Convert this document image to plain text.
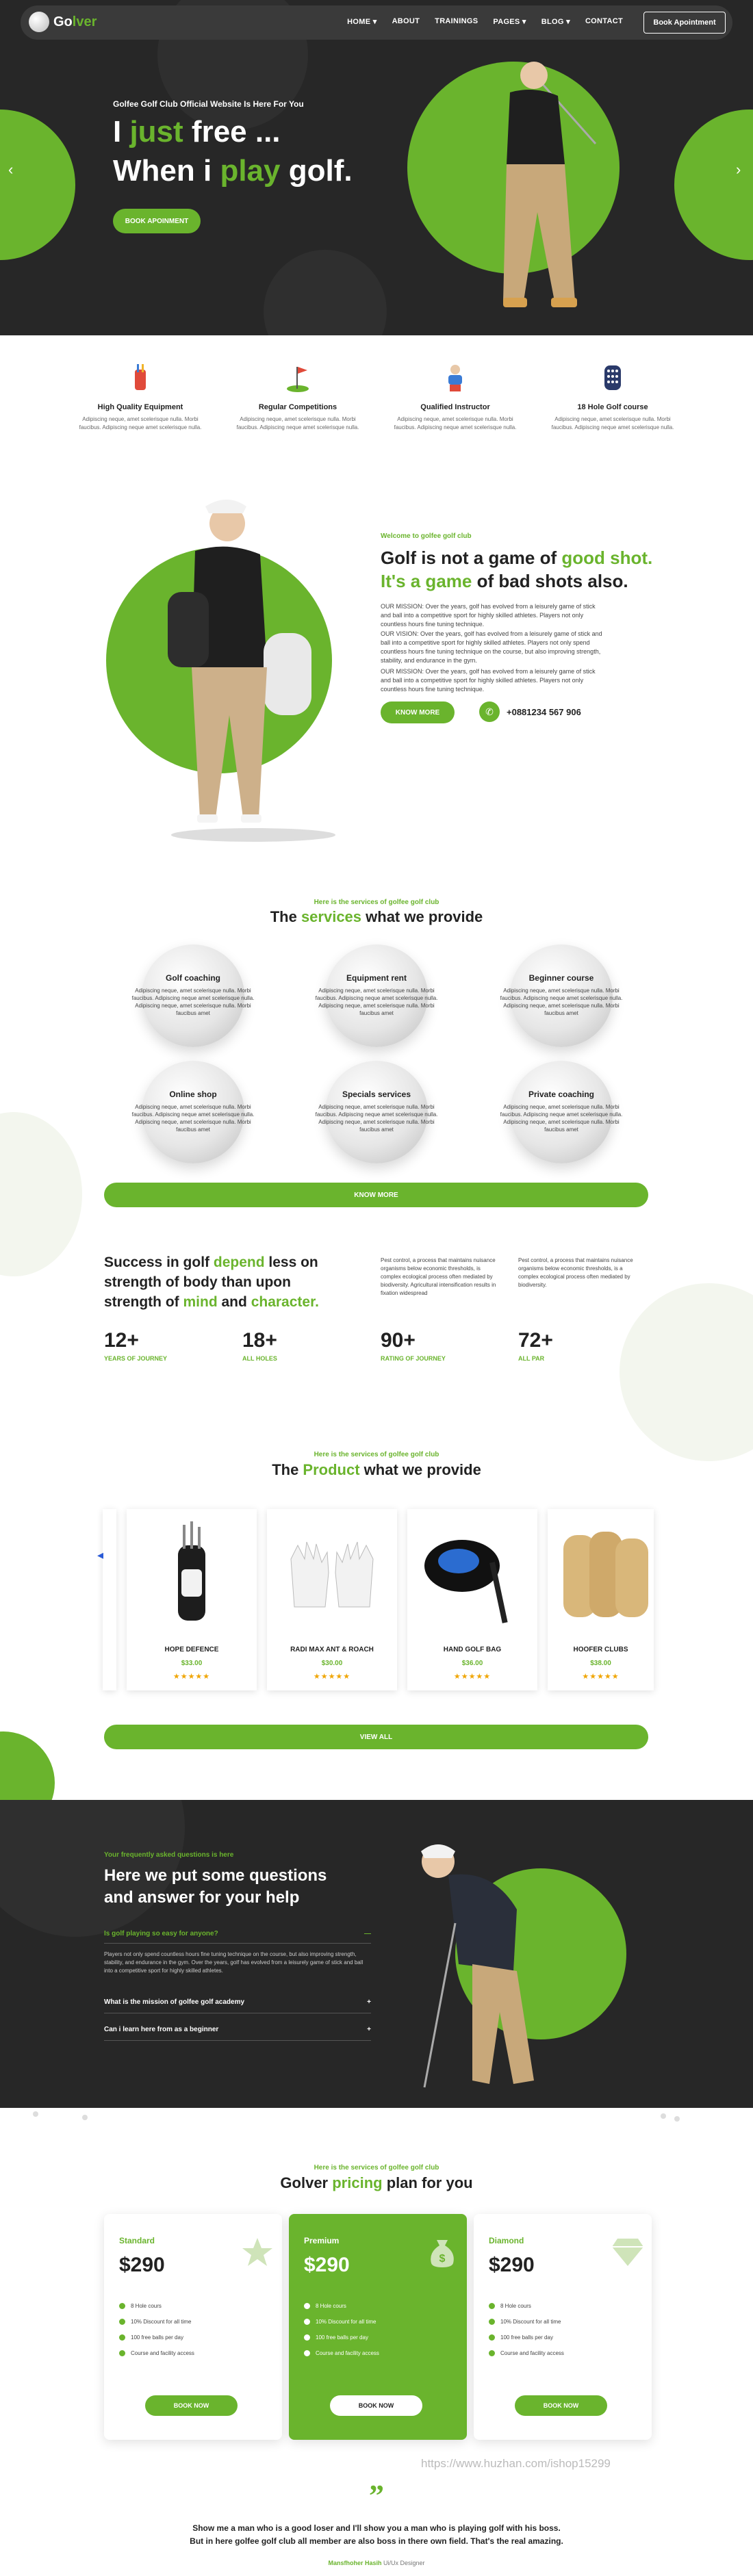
Golver	HOME ▾ ABOUT TRAININGS PAGES ▾ BLOG ▾ CONTACT	Book Apointment
‹	›
Golfee Golf Club Official Website Is Here For You
I just free ...
When i play golf.
BOOK APOINMENT
High Quality Equipment
Adipiscing neque, amet scelerisque nulla. Morbi faucibus. Adipiscing neque amet scelerisque nulla.
Regular Competitions
Adipiscing neque, amet scelerisque nulla. Morbi faucibus. Adipiscing neque amet scelerisque nulla.
Qualified Instructor
Adipiscing neque, amet scelerisque nulla. Morbi faucibus. Adipiscing neque amet scelerisque nulla.
18 Hole Golf course
Adipiscing neque, amet scelerisque nulla. Morbi faucibus. Adipiscing neque amet scelerisque nulla.
Welcome to golfee golf club
Golf is not a game of good shot.
It's a game of bad shots also.
OUR MISSION: Over the years, golf has evolved from a leisurely game of stick and ball into a competitive sport for highly skilled athletes. Players not only countless hours fine tuning technique.
OUR VISION: Over the years, golf has evolved from a leisurely game of stick and ball into a competitive sport for highly skilled athletes. Players not only spend countless hours fine tuning technique on the course, but also improving strength, stability, and endurance in the gym.
OUR MISSION: Over the years, golf has evolved from a leisurely game of stick and ball into a competitive sport for highly skilled athletes. Players not only countless hours fine tuning technique.
KNOW MORE	✆	+0881234 567 906
Here is the services of golfee golf club
The services what we provide
Golf coaching
Adipiscing neque, amet scelerisque nulla. Morbi faucibus. Adipiscing neque amet scelerisque nulla. Adipiscing neque, amet scelerisque nulla. Morbi faucibus amet
Equipment rent
Adipiscing neque, amet scelerisque nulla. Morbi faucibus. Adipiscing neque amet scelerisque nulla. Adipiscing neque, amet scelerisque nulla. Morbi faucibus amet
Beginner course
Adipiscing neque, amet scelerisque nulla. Morbi faucibus. Adipiscing neque amet scelerisque nulla. Adipiscing neque, amet scelerisque nulla. Morbi faucibus amet
Online shop
Adipiscing neque, amet scelerisque nulla. Morbi faucibus. Adipiscing neque amet scelerisque nulla. Adipiscing neque, amet scelerisque nulla. Morbi faucibus amet
Specials services
Adipiscing neque, amet scelerisque nulla. Morbi faucibus. Adipiscing neque amet scelerisque nulla. Adipiscing neque, amet scelerisque nulla. Morbi faucibus amet
Private coaching
Adipiscing neque, amet scelerisque nulla. Morbi faucibus. Adipiscing neque amet scelerisque nulla. Adipiscing neque, amet scelerisque nulla. Morbi faucibus amet
KNOW MORE
Success in golf depend less on strength of body than upon strength of mind and character.
Pest control, a process that maintains nuisance organisms below economic thresholds, is complex ecological process often mediated by biodiversity. Agricultural intensification results in fixation widespread
Pest control, a process that maintains nuisance organisms below economic thresholds, is a complex ecological process often mediated by biodiversity.
12+
YEARS OF JOURNEY
18+
ALL HOLES
90+
RATING OF JOURNEY
72+
ALL PAR
Here is the services of golfee golf club
The Product what we provide
◂
HOPE DEFENCE
$33.00
★★★★★
RADI MAX ANT & ROACH
$30.00
★★★★★
HAND GOLF BAG
$36.00
★★★★★
HOOFER CLUBS
$38.00
★★★★★
VIEW ALL
Your frequently asked questions is here
Here we put some questions and answer for your help
Is golf playing so easy for anyone?	—
Players not only spend countless hours fine tuning technique on the course, but also improving strength, stability, and endurance in the gym. Over the years, golf has evolved from a leisurely game of stick and ball into a competitive sport for highly skilled athletes.
What is the mission of golfee golf academy	+
Can i learn here from as a beginner	+
Here is the services of golfee golf club
Golver pricing plan for you
Standard
$290
8 Hole cours
10% Discount for all time
100 free balls per day
Course and facility access
BOOK NOW
Premium
$290	$
8 Hole cours
10% Discount for all time
100 free balls per day
Course and facility access
BOOK NOW
Diamond
$290
8 Hole cours
10% Discount for all time
100 free balls per day
Course and facility access
BOOK NOW
”
Show me a man who is a good loser and I'll show you a man who is playing golf with his boss. But in here golfee golf club all member are also boss in there own field. That's the real amazing.
Mansfhoher Hasih Ui/Ux Designer
https://www.huzhan.com/ishop15299
